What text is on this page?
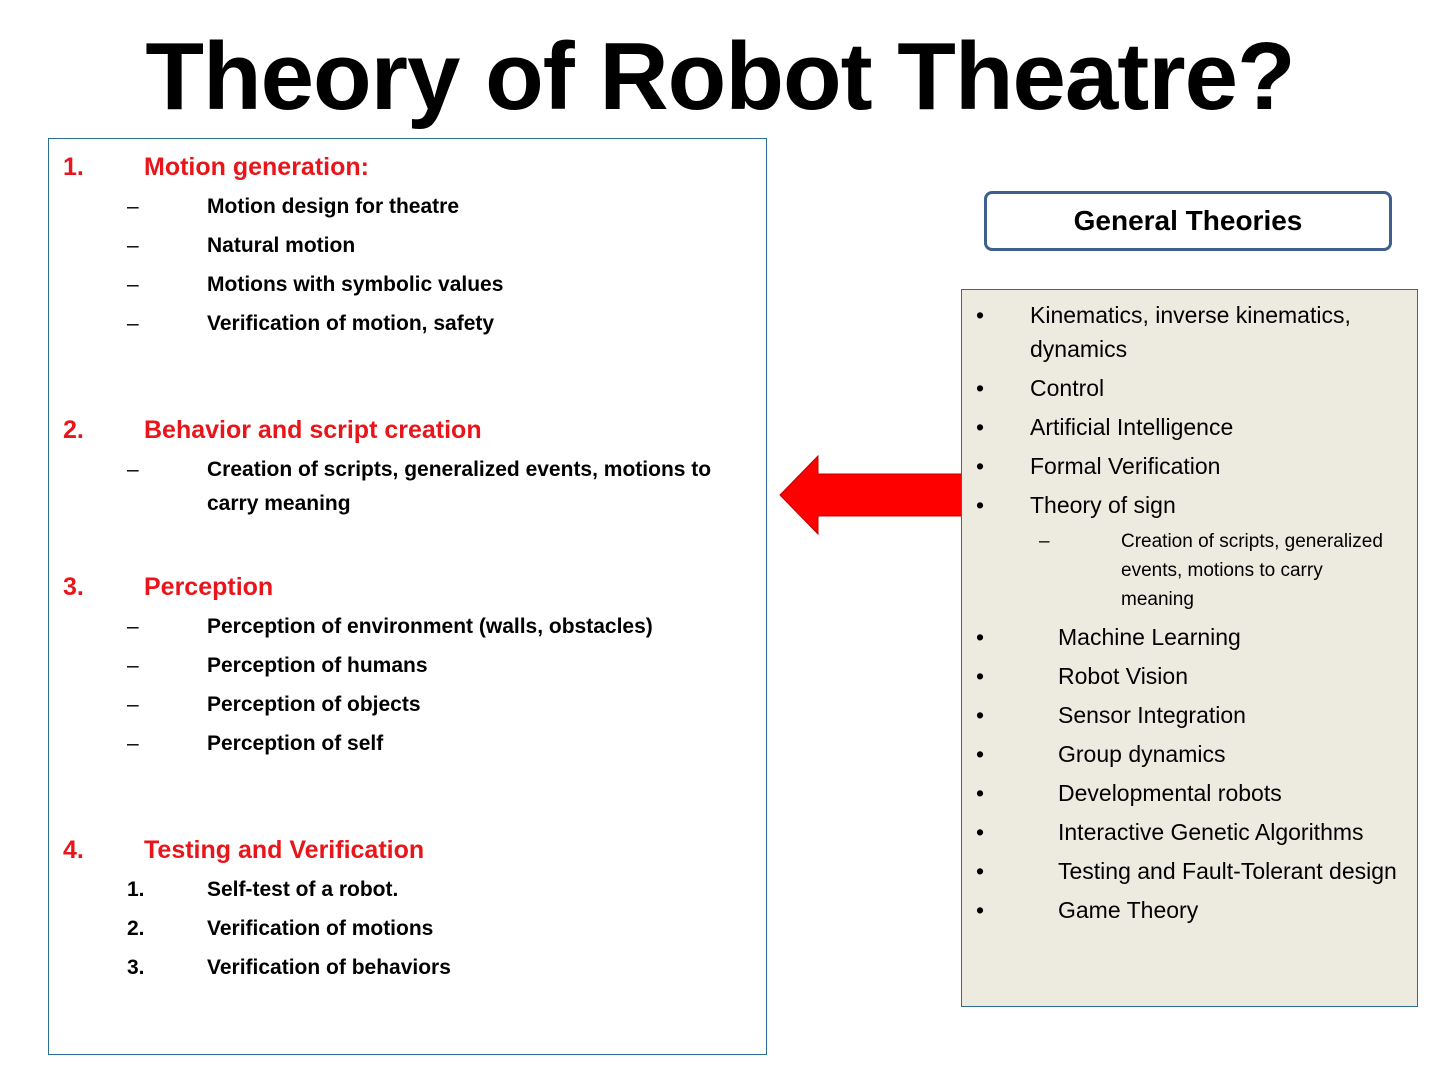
Theory of Robot Theatre?
1. Motion generation:
–	Motion design for theatre
–	Natural motion
–	Motions with symbolic values
–	Verification of motion, safety
2. Behavior and script creation
–	Creation of scripts, generalized events, motions to carry meaning
3. Perception
–	Perception of environment (walls, obstacles)
–	Perception of humans
–	Perception of objects
–	Perception of self
4. Testing and Verification
1.	Self-test of a robot.
2.	Verification of motions
3.	Verification of behaviors
General Theories
• Kinematics, inverse kinematics, dynamics
• Control
• Artificial Intelligence
• Formal Verification
• Theory of sign
–	Creation of scripts, generalized events, motions to carry meaning
•	Machine Learning
•	Robot Vision
•	Sensor Integration
•	Group dynamics
•	Developmental robots
•	Interactive Genetic Algorithms
•	Testing and Fault-Tolerant design
•	Game Theory
